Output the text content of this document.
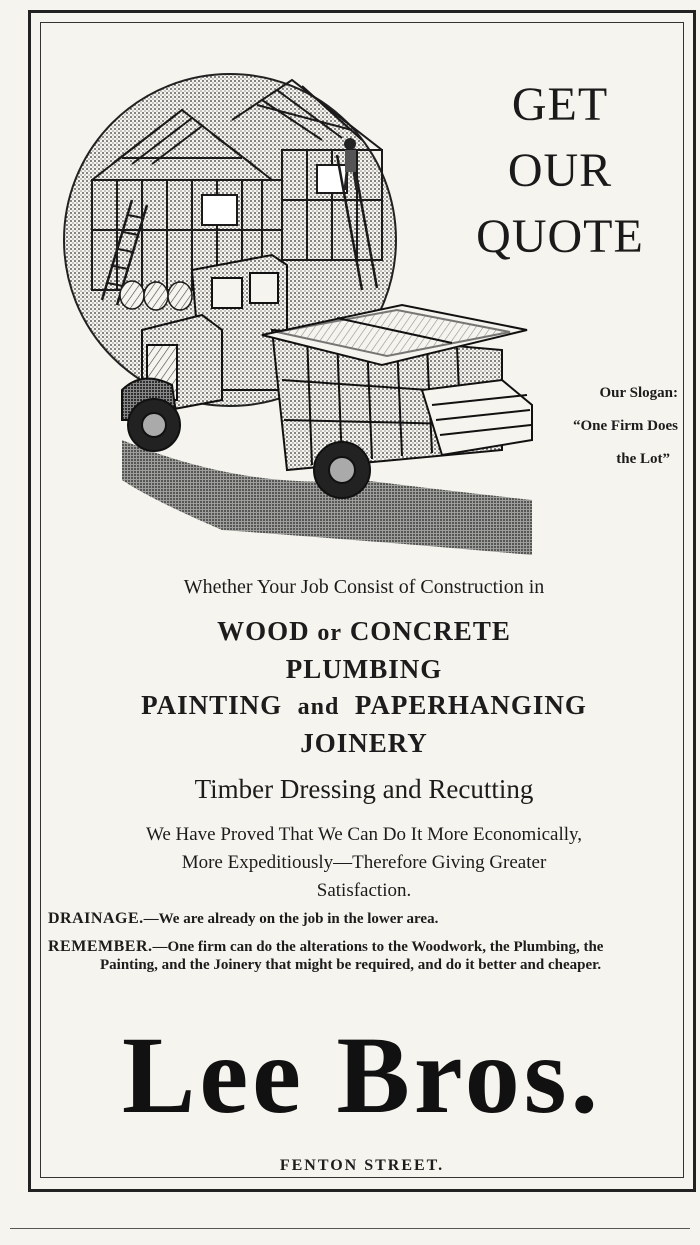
GET
OUR
QUOTE
Our Slogan:
“One Firm Does
the Lot”

Whether Your Job Consist of Construction in

WOOD or CONCRETE

PLUMBING

PAINTING and PAPERHANGING

JOINERY

Timber Dressing and Recutting

We Have Proved That We Can Do It More Economically,
More Expeditiously—Therefore Giving Greater
Satisfaction.

DRAINAGE.—We are already on the job in the lower area.

REMEMBER.—One firm can do the alterations to the Woodwork, the Plumbing, the Painting, and the Joinery that might be required, and do it better and cheaper.

Lee Bros.
FENTON STREET.
